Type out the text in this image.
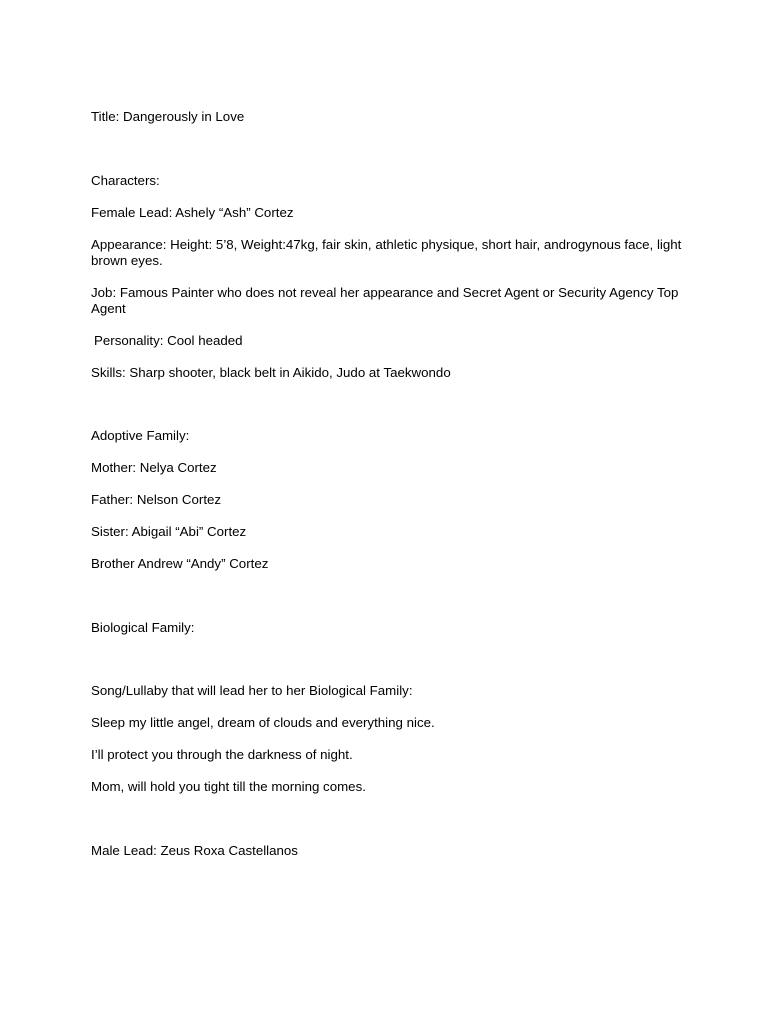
Title: Dangerously in Love

Characters:

Female Lead: Ashely “Ash” Cortez

Appearance: Height: 5’8, Weight:47kg, fair skin, athletic physique, short hair, androgynous face, light brown eyes.

Job: Famous Painter who does not reveal her appearance and Secret Agent or Security Agency Top Agent

Personality: Cool headed

Skills: Sharp shooter, black belt in Aikido, Judo at Taekwondo

Adoptive Family:

Mother: Nelya Cortez

Father: Nelson Cortez

Sister: Abigail “Abi” Cortez

Brother Andrew “Andy” Cortez

Biological Family:

Song/Lullaby that will lead her to her Biological Family:

Sleep my little angel, dream of clouds and everything nice.

I’ll protect you through the darkness of night.

Mom, will hold you tight till the morning comes.

Male Lead: Zeus Roxa Castellanos
